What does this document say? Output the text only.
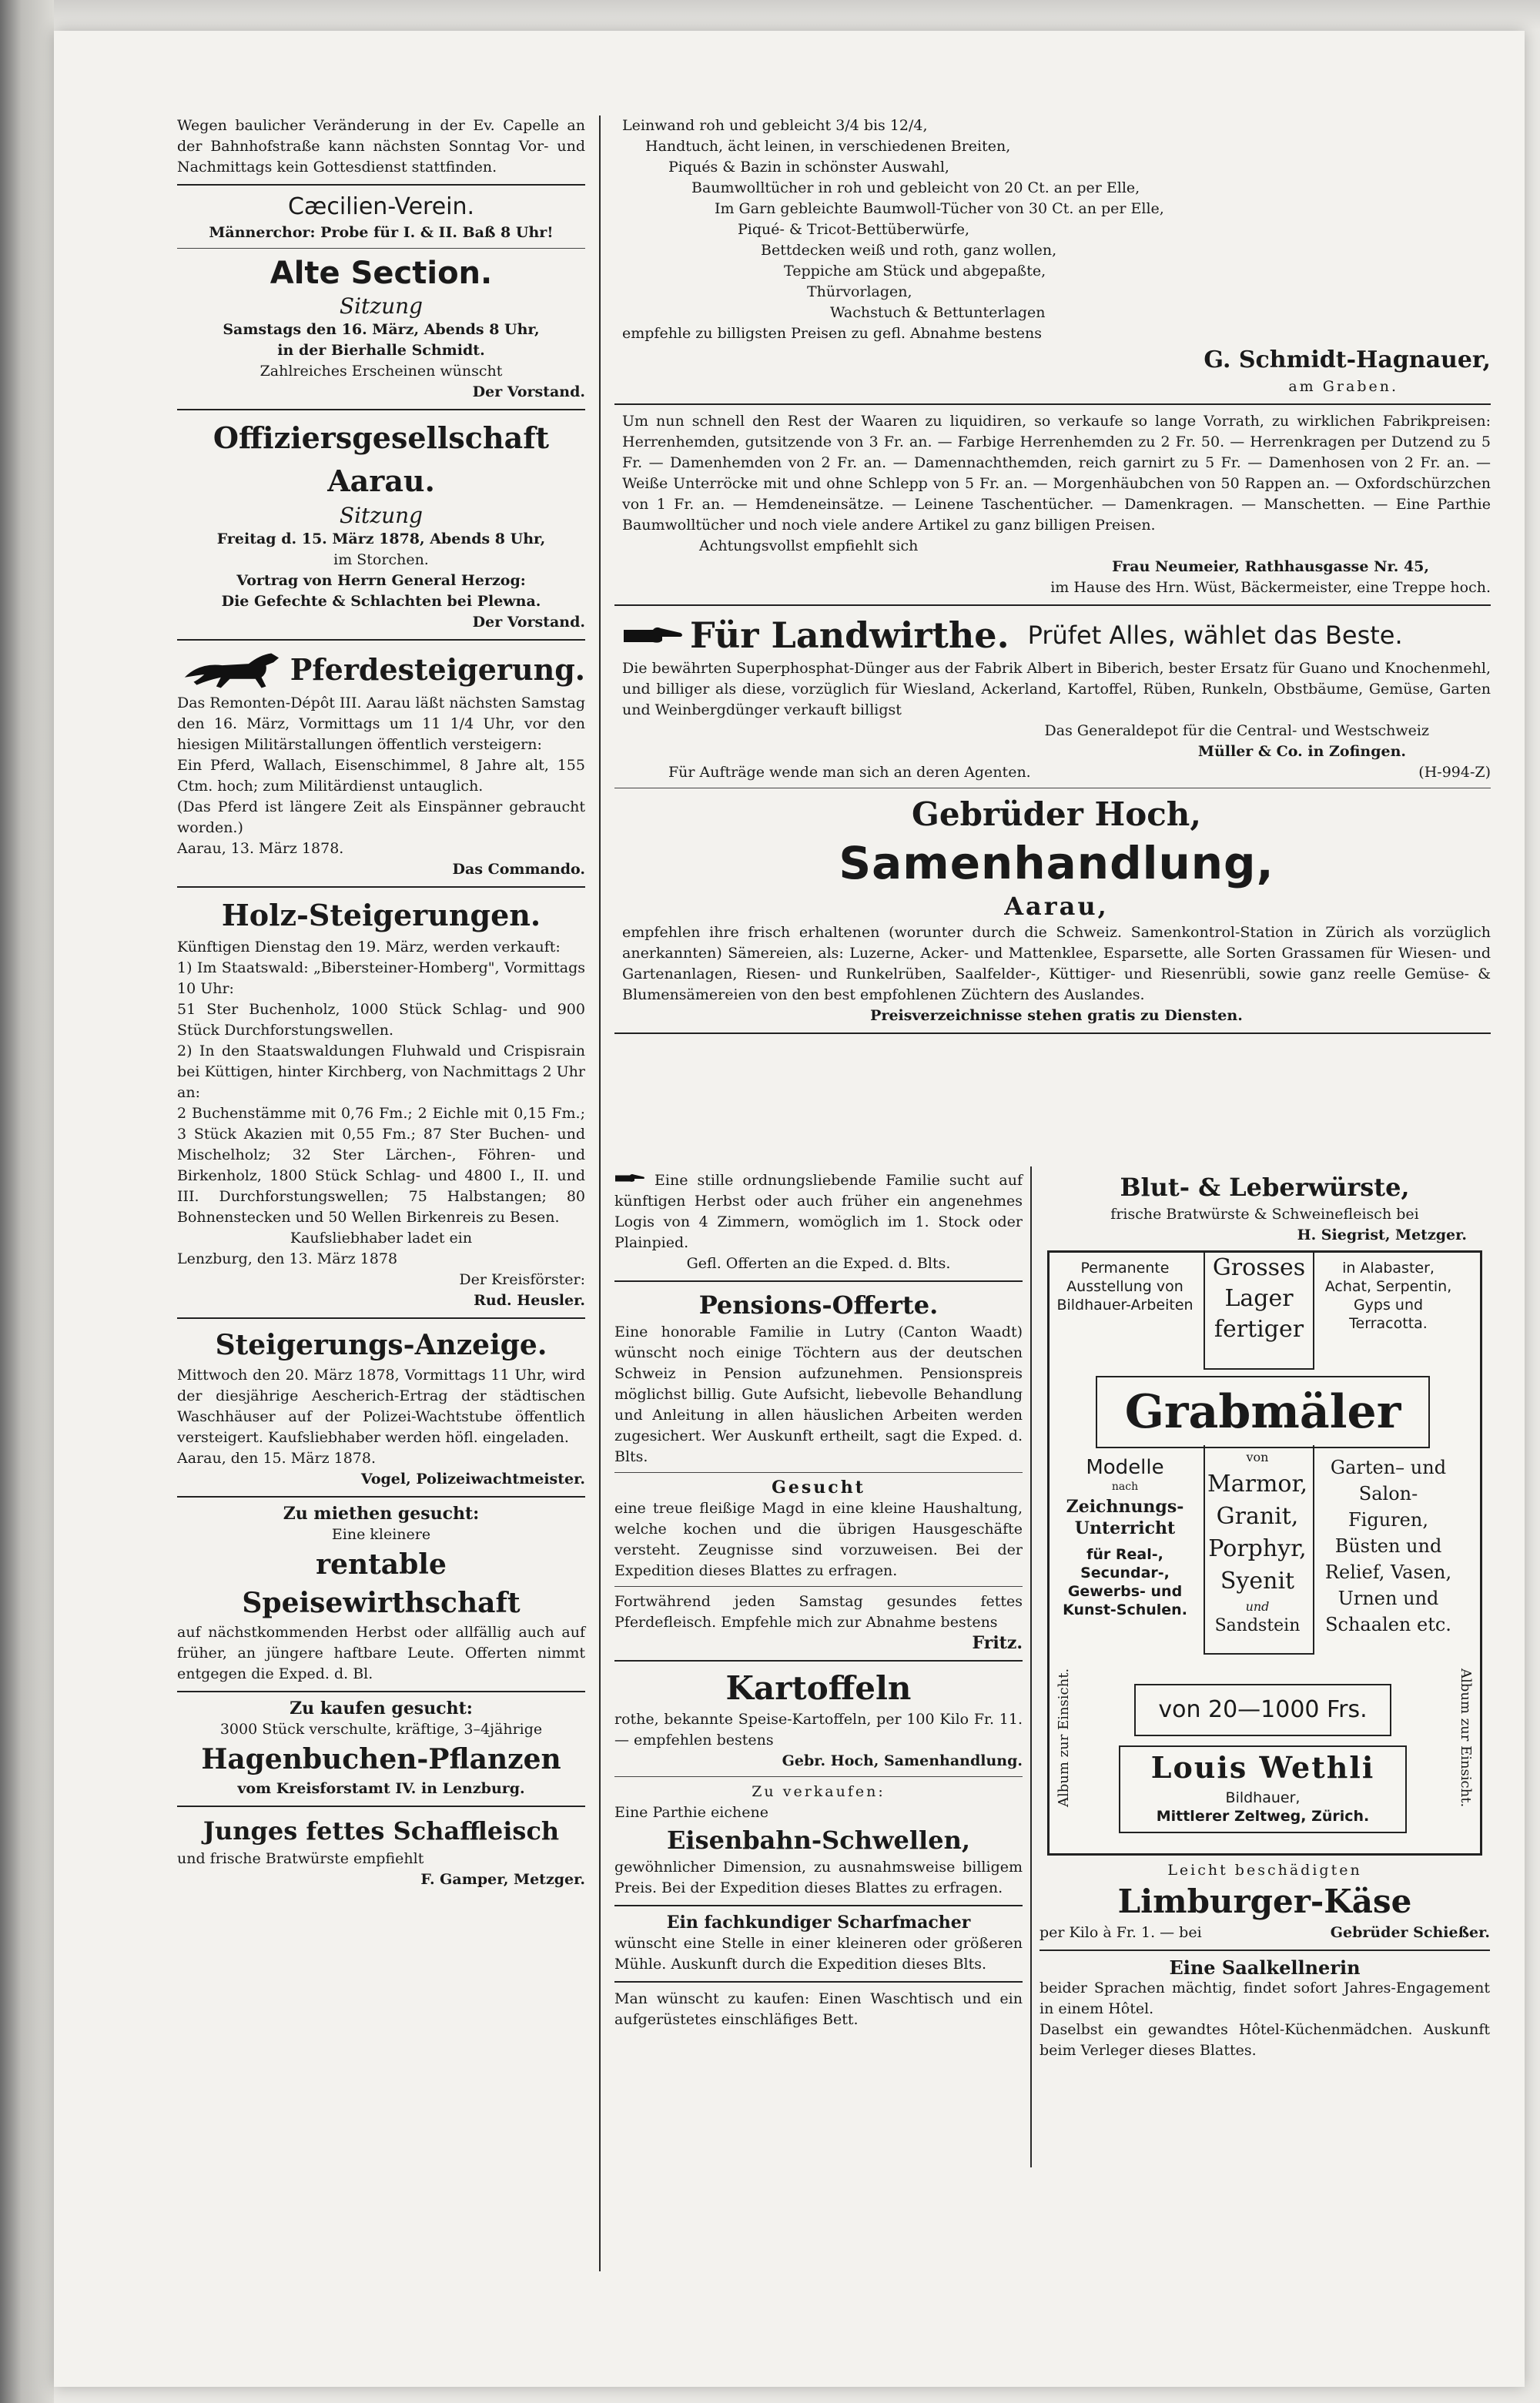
Wegen baulicher Veränderung in der Ev. Capelle an der Bahnhofstraße kann nächsten Sonntag Vor- und Nachmittags kein Gottesdienst stattfinden.

Cæcilien-Verein.

Männerchor: Probe für I. & II. Baß 8 Uhr!

Alte Section.

Sitzung

Samstags den 16. März, Abends 8 Uhr,

in der Bierhalle Schmidt.

Zahlreiches Erscheinen wünscht

Der Vorstand.

Offiziersgesellschaft Aarau.

Sitzung

Freitag d. 15. März 1878, Abends 8 Uhr,

im Storchen.

Vortrag von Herrn General Herzog:

Die Gefechte & Schlachten bei Plewna.

Der Vorstand.

Pferdesteigerung.

Das Remonten-Dépôt III. Aarau läßt nächsten Samstag den 16. März, Vormittags um 11 1/4 Uhr, vor den hiesigen Militärstallungen öffentlich versteigern:

Ein Pferd, Wallach, Eisenschimmel, 8 Jahre alt, 155 Ctm. hoch; zum Militärdienst untauglich.

(Das Pferd ist längere Zeit als Einspänner gebraucht worden.)

Aarau, 13. März 1878.

Das Commando.

Holz-Steigerungen.

Künftigen Dienstag den 19. März, werden verkauft:

1) Im Staatswald: „Bibersteiner-Homberg", Vormittags 10 Uhr:

51 Ster Buchenholz, 1000 Stück Schlag- und 900 Stück Durchforstungswellen.

2) In den Staatswaldungen Fluhwald und Crispisrain bei Küttigen, hinter Kirchberg, von Nachmittags 2 Uhr an:

2 Buchenstämme mit 0,76 Fm.; 2 Eichle mit 0,15 Fm.; 3 Stück Akazien mit 0,55 Fm.; 87 Ster Buchen- und Mischelholz; 32 Ster Lärchen-, Föhren- und Birkenholz, 1800 Stück Schlag- und 4800 I., II. und III. Durchforstungswellen; 75 Halbstangen; 80 Bohnenstecken und 50 Wellen Birkenreis zu Besen.

Kaufsliebhaber ladet ein

Lenzburg, den 13. März 1878

Der Kreisförster:

Rud. Heusler.

Steigerungs-Anzeige.

Mittwoch den 20. März 1878, Vormittags 11 Uhr, wird der diesjährige Aescherich-Ertrag der städtischen Waschhäuser auf der Polizei-Wachtstube öffentlich versteigert. Kaufsliebhaber werden höfl. eingeladen.

Aarau, den 15. März 1878.

Vogel, Polizeiwachtmeister.

Zu miethen gesucht:

Eine kleinere

rentable Speisewirthschaft

auf nächstkommenden Herbst oder allfällig auch auf früher, an jüngere haftbare Leute. Offerten nimmt entgegen die Exped. d. Bl.

Zu kaufen gesucht:

3000 Stück verschulte, kräftige, 3–4jährige

Hagenbuchen-Pflanzen

vom Kreisforstamt IV. in Lenzburg.

Junges fettes Schaffleisch

und frische Bratwürste empfiehlt

F. Gamper, Metzger.

Leinwand roh und gebleicht 3/4 bis 12/4,

Handtuch, ächt leinen, in verschiedenen Breiten,

Piqués & Bazin in schönster Auswahl,

Baumwolltücher in roh und gebleicht von 20 Ct. an per Elle,

Im Garn gebleichte Baumwoll-Tücher von 30 Ct. an per Elle,

Piqué- & Tricot-Bettüberwürfe,

Bettdecken weiß und roth, ganz wollen,

Teppiche am Stück und abgepaßte,

Thürvorlagen,

Wachstuch & Bettunterlagen

empfehle zu billigsten Preisen zu gefl. Abnahme bestens

G. Schmidt-Hagnauer,

am Graben.

Um nun schnell den Rest der Waaren zu liquidiren, so verkaufe so lange Vorrath, zu wirklichen Fabrikpreisen: Herrenhemden, gutsitzende von 3 Fr. an. — Farbige Herrenhemden zu 2 Fr. 50. — Herrenkragen per Dutzend zu 5 Fr. — Damenhemden von 2 Fr. an. — Damennachthemden, reich garnirt zu 5 Fr. — Damenhosen von 2 Fr. an. — Weiße Unterröcke mit und ohne Schlepp von 5 Fr. an. — Morgenhäubchen von 50 Rappen an. — Oxfordschürzchen von 1 Fr. an. — Hemdeneinsätze. — Leinene Taschentücher. — Damenkragen. — Manschetten. — Eine Parthie Baumwolltücher und noch viele andere Artikel zu ganz billigen Preisen.

Achtungsvollst empfiehlt sich

Frau Neumeier, Rathhausgasse Nr. 45,

im Hause des Hrn. Wüst, Bäckermeister, eine Treppe hoch.

Für Landwirthe. Prüfet Alles, wählet das Beste.

Die bewährten Superphosphat-Dünger aus der Fabrik Albert in Biberich, bester Ersatz für Guano und Knochenmehl, und billiger als diese, vorzüglich für Wiesland, Ackerland, Kartoffel, Rüben, Runkeln, Obstbäume, Gemüse, Garten und Weinbergdünger verkauft billigst

Das Generaldepot für die Central- und Westschweiz

Müller & Co. in Zofingen.

Für Aufträge wende man sich an deren Agenten.	(H-994-Z)

Gebrüder Hoch,

Samenhandlung,

Aarau,

empfehlen ihre frisch erhaltenen (worunter durch die Schweiz. Samenkontrol-Station in Zürich als vorzüglich anerkannten) Sämereien, als: Luzerne, Acker- und Mattenklee, Esparsette, alle Sorten Grassamen für Wiesen- und Gartenanlagen, Riesen- und Runkelrüben, Saalfelder-, Küttiger- und Riesenrübli, sowie ganz reelle Gemüse- & Blumensämereien von den best empfohlenen Züchtern des Auslandes.

Preisverzeichnisse stehen gratis zu Diensten.

Eine stille ordnungsliebende Familie sucht auf künftigen Herbst oder auch früher ein angenehmes Logis von 4 Zimmern, womöglich im 1. Stock oder Plainpied.

Gefl. Offerten an die Exped. d. Blts.

Pensions-Offerte.

Eine honorable Familie in Lutry (Canton Waadt) wünscht noch einige Töchtern aus der deutschen Schweiz in Pension aufzunehmen. Pensionspreis möglichst billig. Gute Aufsicht, liebevolle Behandlung und Anleitung in allen häuslichen Arbeiten werden zugesichert. Wer Auskunft ertheilt, sagt die Exped. d. Blts.

Gesucht

eine treue fleißige Magd in eine kleine Haushaltung, welche kochen und die übrigen Hausgeschäfte versteht. Zeugnisse sind vorzuweisen. Bei der Expedition dieses Blattes zu erfragen.

Fortwährend jeden Samstag gesundes fettes Pferdefleisch. Empfehle mich zur Abnahme bestens

Fritz.

Kartoffeln

rothe, bekannte Speise-Kartoffeln, per 100 Kilo Fr. 11. — empfehlen bestens

Gebr. Hoch, Samenhandlung.

Zu verkaufen:

Eine Parthie eichene

Eisenbahn-Schwellen,

gewöhnlicher Dimension, zu ausnahmsweise billigem Preis. Bei der Expedition dieses Blattes zu erfragen.

Ein fachkundiger Scharfmacher

wünscht eine Stelle in einer kleineren oder größeren Mühle. Auskunft durch die Expedition dieses Blts.

Man wünscht zu kaufen: Einen Waschtisch und ein aufgerüstetes einschläfiges Bett.

Blut- & Leberwürste,

frische Bratwürste & Schweinefleisch bei

H. Siegrist, Metzger.

Permanente Ausstellung von Bildhauer-Arbeiten
Grosses Lager fertiger
in Alabaster, Achat, Serpentin, Gyps und Terracotta.
Grabmäler
von
Marmor, Granit, Porphyr, Syenit
und
Sandstein
Modelle
nach
Zeichnungs-Unterricht
für Real-, Secundar-, Gewerbs- und Kunst-Schulen.
Garten– und Salon-Figuren, Büsten und Relief, Vasen, Urnen und Schaalen etc.
Album zur Einsicht.	Album zur Einsicht.
von 20—1000 Frs.
Louis Wethli
Bildhauer,
Mittlerer Zeltweg, Zürich.

Leicht beschädigten

Limburger-Käse

per Kilo à Fr. 1. — bei	Gebrüder Schießer.

Eine Saalkellnerin

beider Sprachen mächtig, findet sofort Jahres-Engagement in einem Hôtel.

Daselbst ein gewandtes Hôtel-Küchenmädchen. Auskunft beim Verleger dieses Blattes.
